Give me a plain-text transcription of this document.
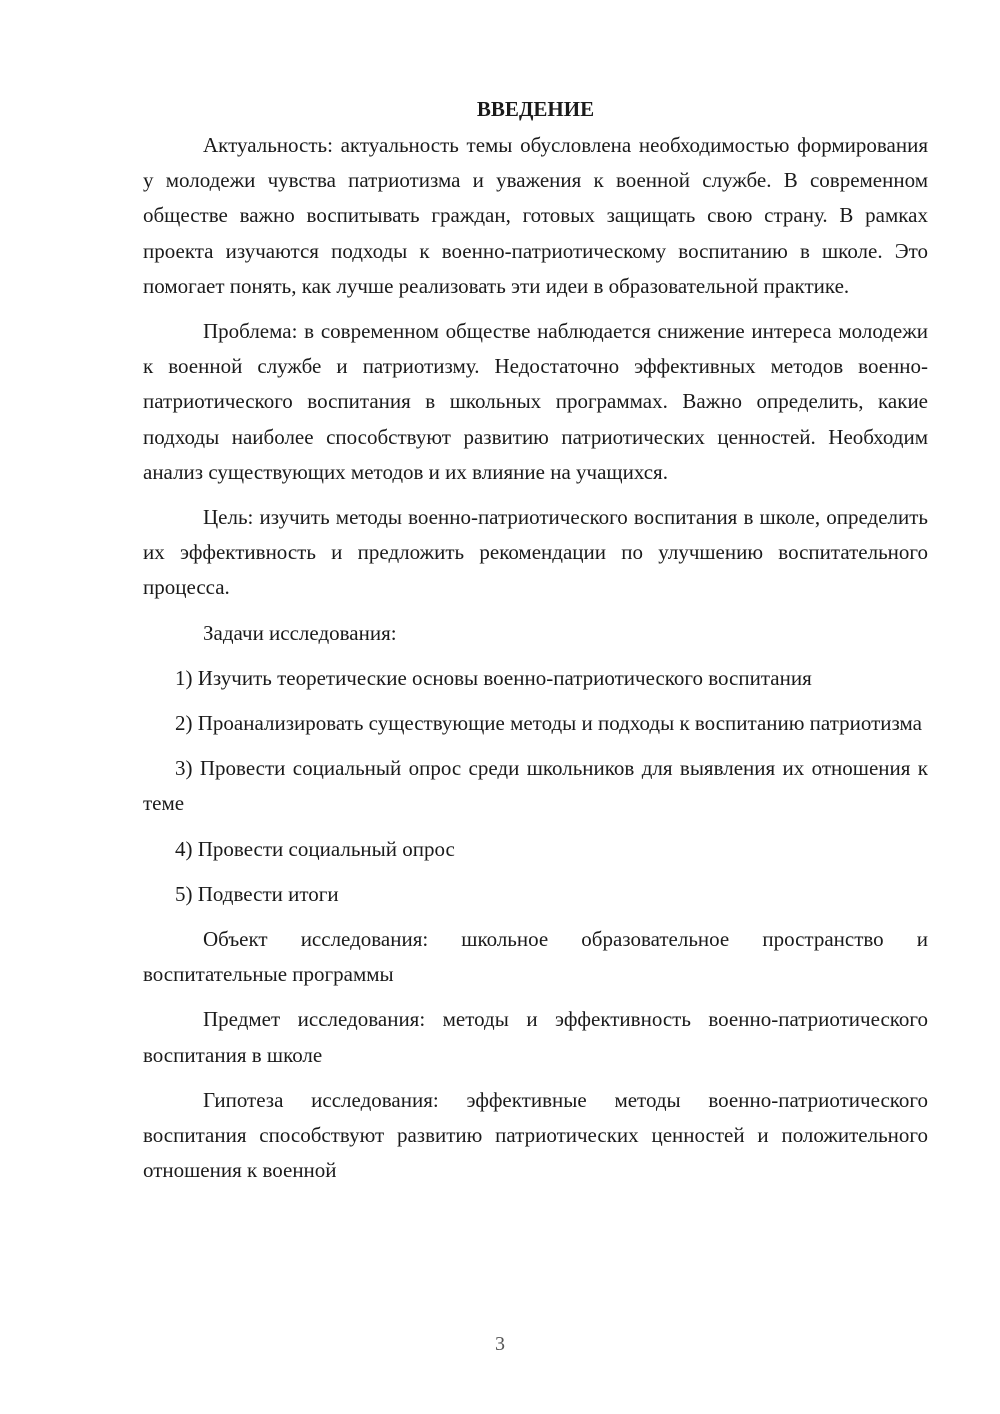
ВВЕДЕНИЕ

Актуальность: актуальность темы обусловлена необходимостью формирования у молодежи чувства патриотизма и уважения к военной службе. В современном обществе важно воспитывать граждан, готовых защищать свою страну. В рамках проекта изучаются подходы к военно-патриотическому воспитанию в школе. Это помогает понять, как лучше реализовать эти идеи в образовательной практике.

Проблема: в современном обществе наблюдается снижение интереса молодежи к военной службе и патриотизму. Недостаточно эффективных методов военно-патриотического воспитания в школьных программах. Важно определить, какие подходы наиболее способствуют развитию патриотических ценностей. Необходим анализ существующих методов и их влияние на учащихся.

Цель: изучить методы военно-патриотического воспитания в школе, определить их эффективность и предложить рекомендации по улучшению воспитательного процесса.

Задачи исследования:

1) Изучить теоретические основы военно-патриотического воспитания

2) Проанализировать существующие методы и подходы к воспитанию патриотизма

3) Провести социальный опрос среди школьников для выявления их отношения к теме

4) Провести социальный опрос

5) Подвести итоги

Объект исследования: школьное образовательное пространство и воспитательные программы

Предмет исследования: методы и эффективность военно-патриотического воспитания в школе

Гипотеза исследования: эффективные методы военно-патриотического воспитания способствуют развитию патриотических ценностей и положительного отношения к военной

3
